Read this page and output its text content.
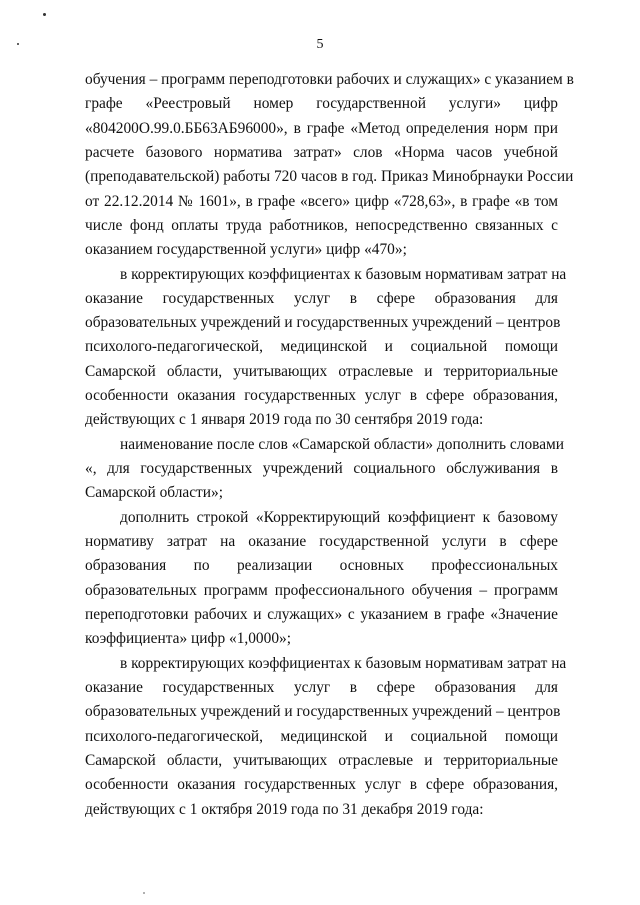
5
обучения – программ переподготовки рабочих и служащих» с указанием в
графе «Реестровый номер государственной услуги» цифр
«804200О.99.0.ББ63АБ96000», в графе «Метод определения норм при
расчете базового норматива затрат» слов «Норма часов учебной
(преподавательской) работы 720 часов в год. Приказ Минобрнауки России
от 22.12.2014 № 1601», в графе «всего» цифр «728,63», в графе «в том
числе фонд оплаты труда работников, непосредственно связанных с
оказанием государственной услуги» цифр «470»;
в корректирующих коэффициентах к базовым нормативам затрат на
оказание государственных услуг в сфере образования для
образовательных учреждений и государственных учреждений – центров
психолого-педагогической, медицинской и социальной помощи
Самарской области, учитывающих отраслевые и территориальные
особенности оказания государственных услуг в сфере образования,
действующих с 1 января 2019 года по 30 сентября 2019 года:
наименование после слов «Самарской области» дополнить словами
«, для государственных учреждений социального обслуживания в
Самарской области»;
дополнить строкой «Корректирующий коэффициент к базовому
нормативу затрат на оказание государственной услуги в сфере
образования по реализации основных профессиональных
образовательных программ профессионального обучения – программ
переподготовки рабочих и служащих» с указанием в графе «Значение
коэффициента» цифр «1,0000»;
в корректирующих коэффициентах к базовым нормативам затрат на
оказание государственных услуг в сфере образования для
образовательных учреждений и государственных учреждений – центров
психолого-педагогической, медицинской и социальной помощи
Самарской области, учитывающих отраслевые и территориальные
особенности оказания государственных услуг в сфере образования,
действующих с 1 октября 2019 года по 31 декабря 2019 года:
